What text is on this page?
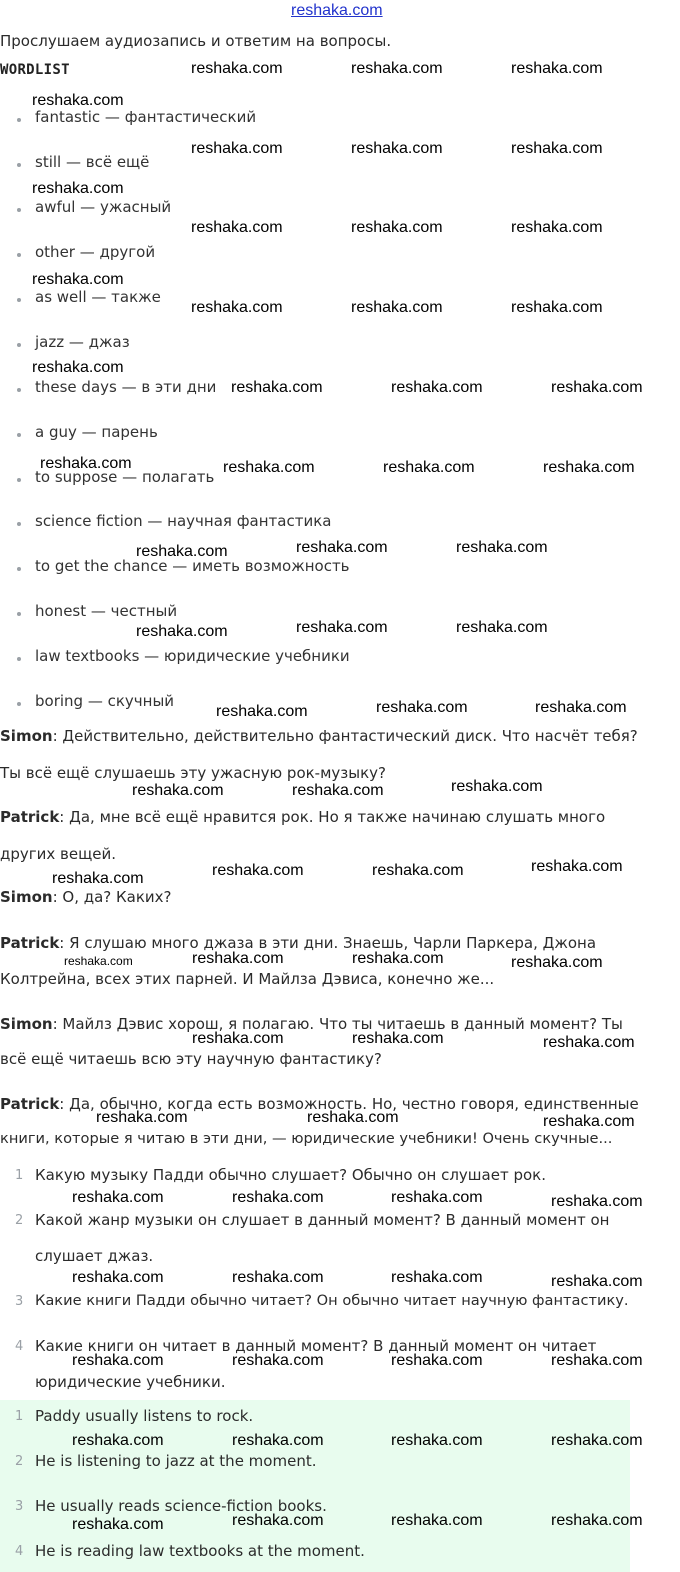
reshaka.com
Прослушаем аудиозапись и ответим на вопросы.
WORDLIST
fantastic — фантастический
still — всё ещё
awful — ужасный
other — другой
as well — также
jazz — джаз
these days — в эти дни
a guy — парень
to suppose — полагать
science fiction — научная фантастика
to get the chance — иметь возможность
honest — честный
law textbooks — юридические учебники
boring — скучный
Simon: Действительно, действительно фантастический диск. Что насчёт тебя?
Ты всё ещё слушаешь эту ужасную рок-музыку?
Patrick: Да, мне всё ещё нравится рок. Но я также начинаю слушать много
других вещей.
Simon: О, да? Каких?
Patrick: Я слушаю много джаза в эти дни. Знаешь, Чарли Паркера, Джона
Колтрейна, всех этих парней. И Майлза Дэвиса, конечно же...
Simon: Майлз Дэвис хорош, я полагаю. Что ты читаешь в данный момент? Ты
всё ещё читаешь всю эту научную фантастику?
Patrick: Да, обычно, когда есть возможность. Но, честно говоря, единственные
книги, которые я читаю в эти дни, — юридические учебники! Очень скучные...
1 Какую музыку Падди обычно слушает? Обычно он слушает рок.
2 Какой жанр музыки он слушает в данный момент? В данный момент он
слушает джаз.
3 Какие книги Падди обычно читает? Он обычно читает научную фантастику.
4 Какие книги он читает в данный момент? В данный момент он читает
юридические учебники.
1 Paddy usually listens to rock.
2 He is listening to jazz at the moment.
3 He usually reads science-fiction books.
4 He is reading law textbooks at the moment.
reshaka.com	reshaka.com	reshaka.com
reshaka.com
reshaka.com	reshaka.com	reshaka.com
reshaka.com
reshaka.com	reshaka.com	reshaka.com
reshaka.com
reshaka.com	reshaka.com	reshaka.com
reshaka.com
reshaka.com	reshaka.com	reshaka.com
reshaka.com	reshaka.com	reshaka.com	reshaka.com
reshaka.com	reshaka.com	reshaka.com
reshaka.com	reshaka.com	reshaka.com
reshaka.com	reshaka.com	reshaka.com
reshaka.com	reshaka.com	reshaka.com
reshaka.com	reshaka.com	reshaka.com	reshaka.com
reshaka.com	reshaka.com	reshaka.com	reshaka.com
reshaka.com	reshaka.com	reshaka.com
reshaka.com	reshaka.com	reshaka.com
reshaka.com	reshaka.com	reshaka.com	reshaka.com
reshaka.com	reshaka.com	reshaka.com	reshaka.com
reshaka.com	reshaka.com	reshaka.com	reshaka.com
reshaka.com	reshaka.com	reshaka.com	reshaka.com
reshaka.com	reshaka.com	reshaka.com	reshaka.com
